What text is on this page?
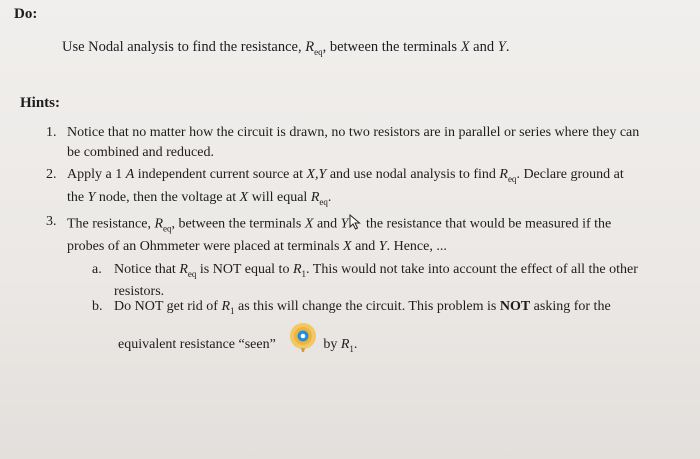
Do:
Use Nodal analysis to find the resistance, $R_{eq}$, between the terminals X and Y.
Hints:
1. Notice that no matter how the circuit is drawn, no two resistors are in parallel or series where they can
be combined and reduced.
2. Apply a 1 A independent current source at X,Y and use nodal analysis to find $R_{eq}$. Declare ground at
the Y node, then the voltage at X will equal $R_{eq}$.
3. The resistance, $R_{eq}$, between the terminals X and Y the resistance that would be measured if the
probes of an Ohmmeter were placed at terminals X and Y. Hence, ...
a. Notice that $R_{eq}$ is NOT equal to $R_1$. This would not take into account the effect of all the other
resistors.
b. Do NOT get rid of $R_1$ as this will change the circuit. This problem is NOT asking for the
equivalent resistance “seen”	by $R_1$.
